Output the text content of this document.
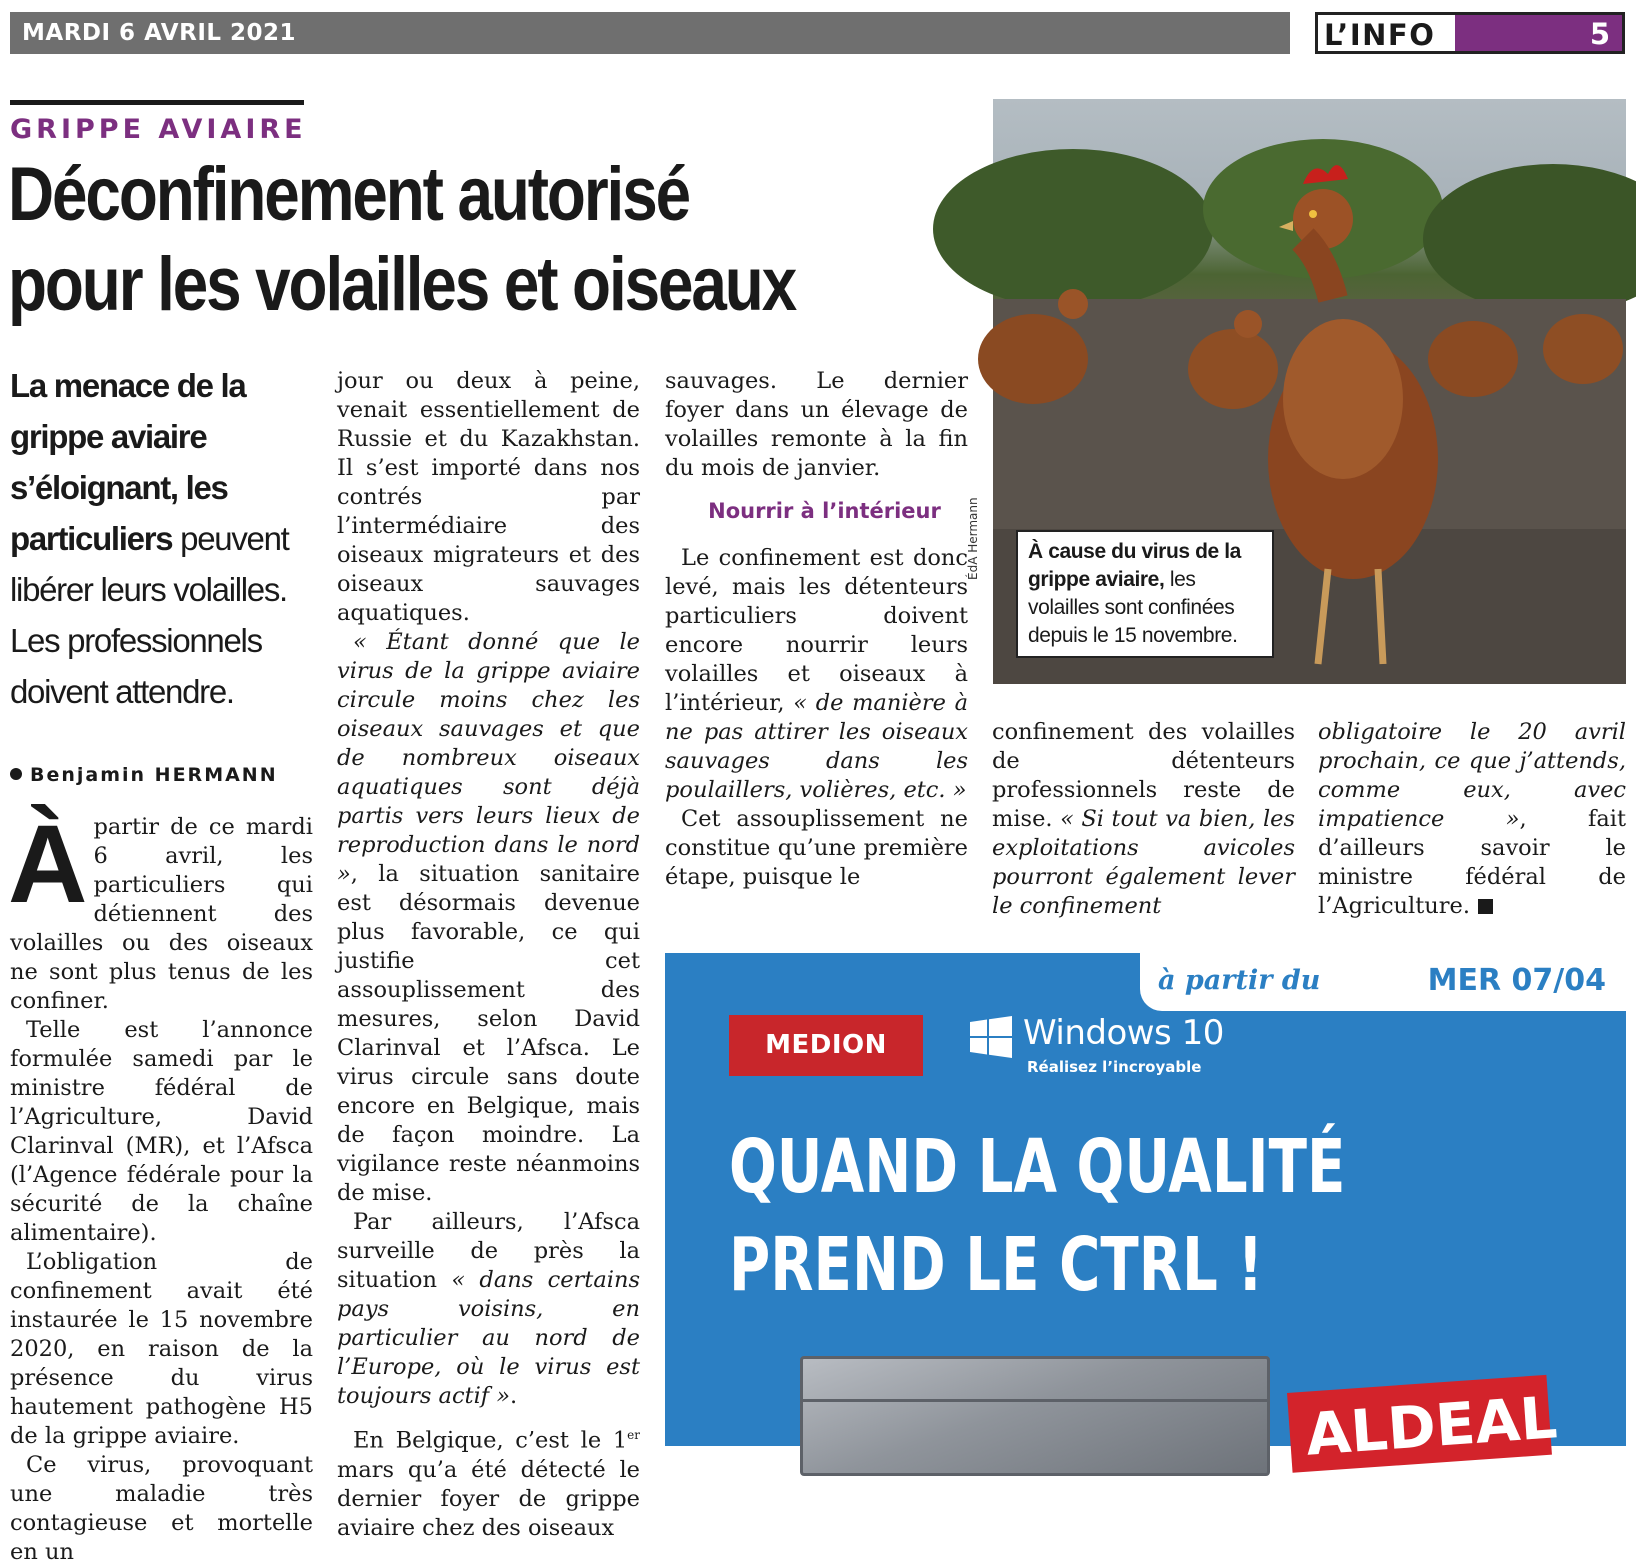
MARDI 6 AVRIL 2021	L’INFO	5
GRIPPE AVIAIRE
Déconfinement autorisé
pour les volailles et oiseaux
La menace de la grippe aviaire s’éloignant, les particuliers peuvent libérer leurs volailles. Les professionnels doivent attendre.
Benjamin HERMANN

Àpartir de ce mardi 6 avril, les particuliers qui détiennent des volailles ou des oiseaux ne sont plus tenus de les confiner.

Telle est l’annonce formulée samedi par le ministre fédéral de l’Agriculture, David Clarinval (MR), et l’Afsca (l’Agence fédérale pour la sécurité de la chaîne alimentaire).

L’obligation de confinement avait été instaurée le 15 novembre 2020, en raison de la présence du virus hautement pathogène H5 de la grippe aviaire.

Ce virus, provoquant une maladie très contagieuse et mortelle en un

jour ou deux à peine, venait essentiellement de Russie et du Kazakhstan. Il s’est importé dans nos contrés par l’intermédiaire des oiseaux migrateurs et des oiseaux sauvages aquatiques.

« Étant donné que le virus de la grippe aviaire circule moins chez les oiseaux sauvages et que de nombreux oiseaux aquatiques sont déjà partis vers leurs lieux de reproduction dans le nord », la situation sanitaire est désormais devenue plus favorable, ce qui justifie cet assouplissement des mesures, selon David Clarinval et l’Afsca. Le virus circule sans doute encore en Belgique, mais de façon moindre. La vigilance reste néanmoins de mise.

Par ailleurs, l’Afsca surveille de près la situation « dans certains pays voisins, en particulier au nord de l’Europe, où le virus est toujours actif ».

En Belgique, c’est le 1er mars qu’a été détecté le dernier foyer de grippe aviaire chez des oiseaux

sauvages. Le dernier foyer dans un élevage de volailles remonte à la fin du mois de janvier.

Nourrir à l’intérieur

Le confinement est donc levé, mais les détenteurs particuliers doivent encore nourrir leurs volailles et oiseaux à l’intérieur, « de manière à ne pas attirer les oiseaux sauvages dans les poulaillers, volières, etc. »

Cet assouplissement ne constitue qu’une première étape, puisque le

ÉdA Hermann	À cause du virus de la grippe aviaire, les volailles sont confinées depuis le 15 novembre.

confinement des volailles de détenteurs professionnels reste de mise. « Si tout va bien, les exploitations avicoles pourront également lever le confinement

obligatoire le 20 avril prochain, ce que j’attends, comme eux, avec impatience », fait d’ailleurs savoir le ministre fédéral de l’Agriculture.

à partir du	MER 07/04
MEDION	Windows 10
Réalisez l’incroyable
QUAND LA QUALITÉ
PREND LE CTRL !
ALDEAL
